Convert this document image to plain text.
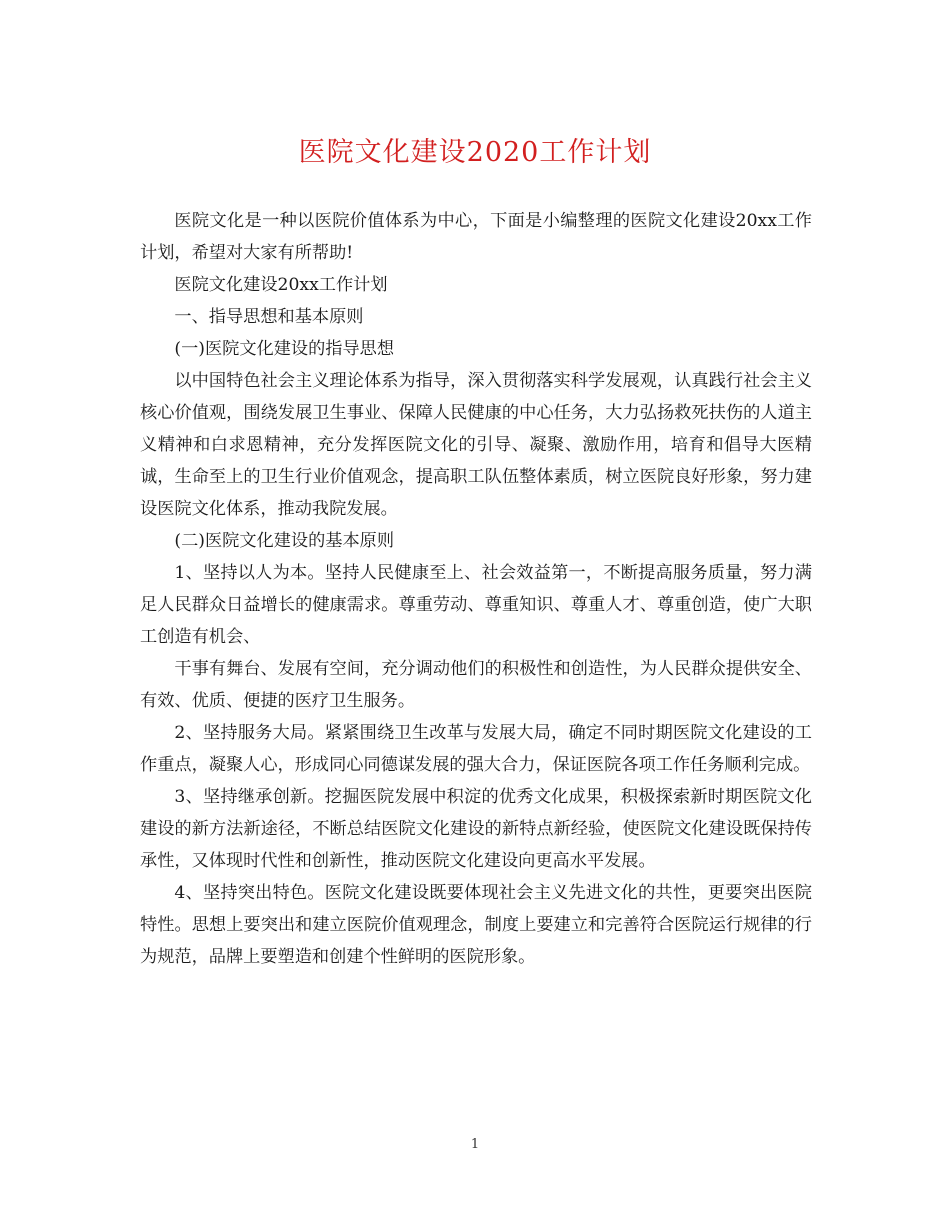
医院文化建设2020工作计划

医院文化是一种以医院价值体系为中心，下面是小编整理的医院文化建设20xx工作计划，希望对大家有所帮助!

医院文化建设20xx工作计划

一、指导思想和基本原则

(一)医院文化建设的指导思想

以中国特色社会主义理论体系为指导，深入贯彻落实科学发展观，认真践行社会主义核心价值观，围绕发展卫生事业、保障人民健康的中心任务，大力弘扬救死扶伤的人道主义精神和白求恩精神，充分发挥医院文化的引导、凝聚、激励作用，培育和倡导大医精诚，生命至上的卫生行业价值观念，提高职工队伍整体素质，树立医院良好形象，努力建设医院文化体系，推动我院发展。

(二)医院文化建设的基本原则

1、坚持以人为本。坚持人民健康至上、社会效益第一，不断提高服务质量，努力满足人民群众日益增长的健康需求。尊重劳动、尊重知识、尊重人才、尊重创造，使广大职工创造有机会、

干事有舞台、发展有空间，充分调动他们的积极性和创造性，为人民群众提供安全、有效、优质、便捷的医疗卫生服务。

2、坚持服务大局。紧紧围绕卫生改革与发展大局，确定不同时期医院文化建设的工作重点，凝聚人心，形成同心同德谋发展的强大合力，保证医院各项工作任务顺利完成。

3、坚持继承创新。挖掘医院发展中积淀的优秀文化成果，积极探索新时期医院文化建设的新方法新途径，不断总结医院文化建设的新特点新经验，使医院文化建设既保持传承性，又体现时代性和创新性，推动医院文化建设向更高水平发展。

4、坚持突出特色。医院文化建设既要体现社会主义先进文化的共性，更要突出医院特性。思想上要突出和建立医院价值观理念，制度上要建立和完善符合医院运行规律的行为规范，品牌上要塑造和创建个性鲜明的医院形象。

1
